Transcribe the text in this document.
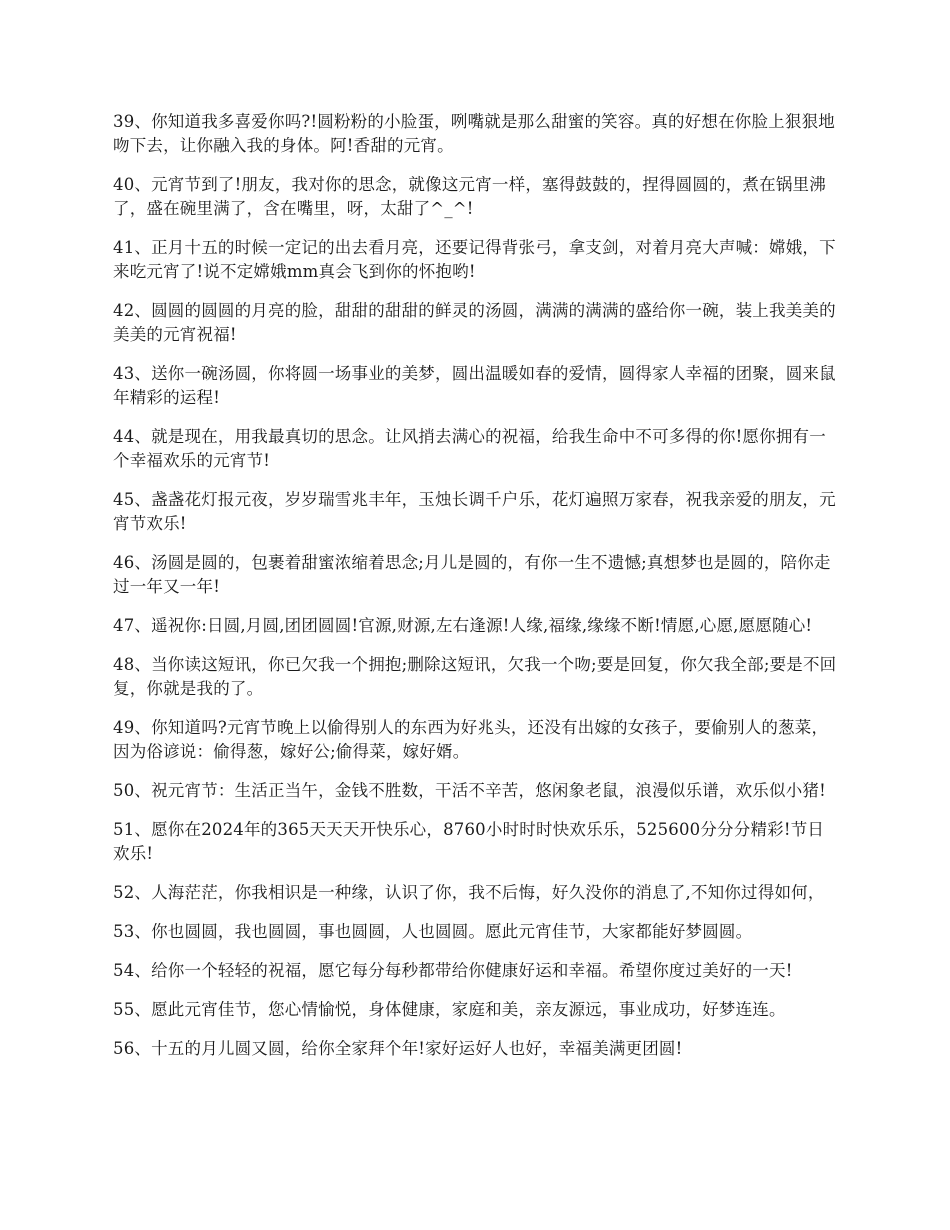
39、你知道我多喜爱你吗?!圆粉粉的小脸蛋，咧嘴就是那么甜蜜的笑容。真的好想在你脸上狠狠地吻下去，让你融入我的身体。阿!香甜的元宵。

40、元宵节到了!朋友，我对你的思念，就像这元宵一样，塞得鼓鼓的，捏得圆圆的，煮在锅里沸了，盛在碗里满了，含在嘴里，呀，太甜了^_^!

41、正月十五的时候一定记的出去看月亮，还要记得背张弓，拿支剑，对着月亮大声喊：嫦娥，下来吃元宵了!说不定嫦娥mm真会飞到你的怀抱哟!

42、圆圆的圆圆的月亮的脸，甜甜的甜甜的鲜灵的汤圆，满满的满满的盛给你一碗，装上我美美的美美的元宵祝福!

43、送你一碗汤圆，你将圆一场事业的美梦，圆出温暖如春的爱情，圆得家人幸福的团聚，圆来鼠年精彩的运程!

44、就是现在，用我最真切的思念。让风捎去满心的祝福，给我生命中不可多得的你!愿你拥有一个幸福欢乐的元宵节!

45、盏盏花灯报元夜，岁岁瑞雪兆丰年，玉烛长调千户乐，花灯遍照万家春，祝我亲爱的朋友，元宵节欢乐!

46、汤圆是圆的，包裹着甜蜜浓缩着思念;月儿是圆的，有你一生不遗憾;真想梦也是圆的，陪你走过一年又一年!

47、遥祝你:日圆,月圆,团团圆圆!官源,财源,左右逢源!人缘,福缘,缘缘不断!情愿,心愿,愿愿随心!

48、当你读这短讯，你已欠我一个拥抱;删除这短讯，欠我一个吻;要是回复，你欠我全部;要是不回复，你就是我的了。

49、你知道吗?元宵节晚上以偷得别人的东西为好兆头，还没有出嫁的女孩子，要偷别人的葱菜，因为俗谚说：偷得葱，嫁好公;偷得菜，嫁好婿。

50、祝元宵节：生活正当午，金钱不胜数，干活不辛苦，悠闲象老鼠，浪漫似乐谱，欢乐似小猪!

51、愿你在2024年的365天天天开快乐心，8760小时时时快欢乐乐，525600分分分精彩!节日欢乐!

52、人海茫茫，你我相识是一种缘，认识了你，我不后悔，好久没你的消息了,不知你过得如何，

53、你也圆圆，我也圆圆，事也圆圆，人也圆圆。愿此元宵佳节，大家都能好梦圆圆。

54、给你一个轻轻的祝福，愿它每分每秒都带给你健康好运和幸福。希望你度过美好的一天!

55、愿此元宵佳节，您心情愉悦，身体健康，家庭和美，亲友源远，事业成功，好梦连连。

56、十五的月儿圆又圆，给你全家拜个年!家好运好人也好，幸福美满更团圆!
